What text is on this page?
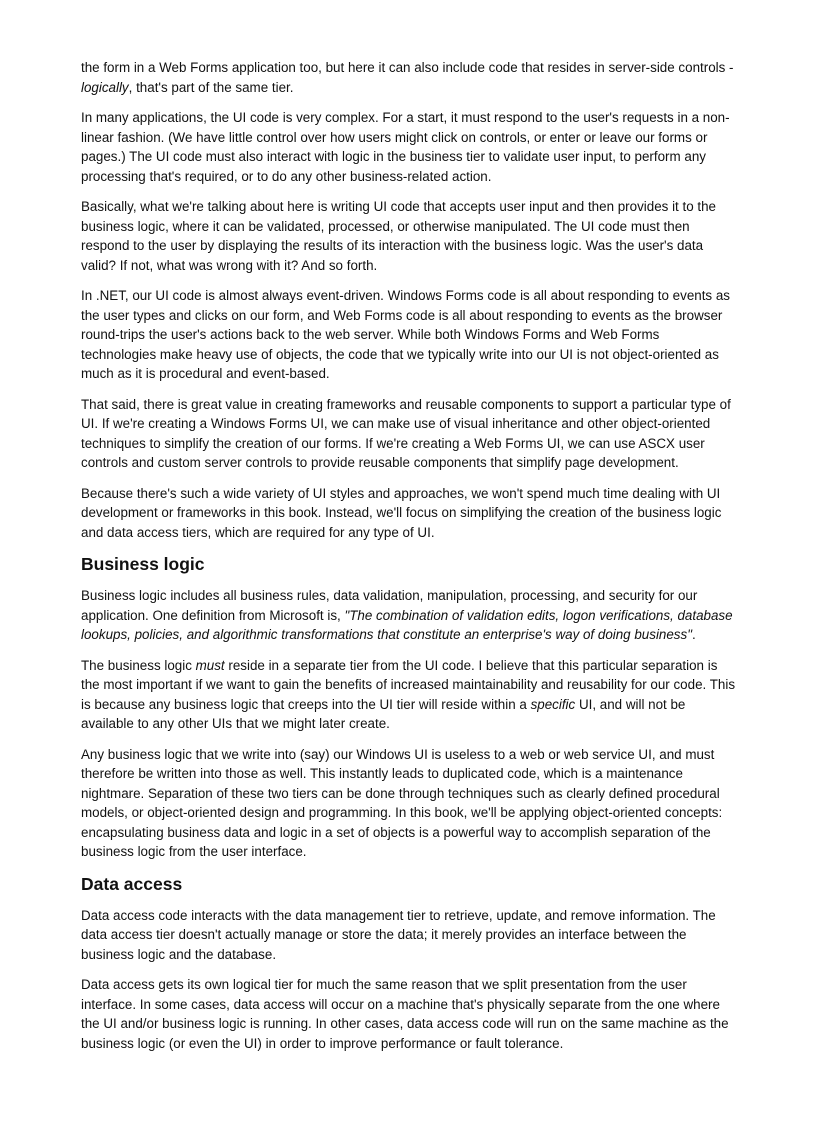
the form in a Web Forms application too, but here it can also include code that resides in server-side controls - logically, that's part of the same tier.

In many applications, the UI code is very complex. For a start, it must respond to the user's requests in a non-linear fashion. (We have little control over how users might click on controls, or enter or leave our forms or pages.) The UI code must also interact with logic in the business tier to validate user input, to perform any processing that's required, or to do any other business-related action.

Basically, what we're talking about here is writing UI code that accepts user input and then provides it to the business logic, where it can be validated, processed, or otherwise manipulated. The UI code must then respond to the user by displaying the results of its interaction with the business logic. Was the user's data valid? If not, what was wrong with it? And so forth.

In .NET, our UI code is almost always event-driven. Windows Forms code is all about responding to events as the user types and clicks on our form, and Web Forms code is all about responding to events as the browser round-trips the user's actions back to the web server. While both Windows Forms and Web Forms technologies make heavy use of objects, the code that we typically write into our UI is not object-oriented as much as it is procedural and event-based.

That said, there is great value in creating frameworks and reusable components to support a particular type of UI. If we're creating a Windows Forms UI, we can make use of visual inheritance and other object-oriented techniques to simplify the creation of our forms. If we're creating a Web Forms UI, we can use ASCX user controls and custom server controls to provide reusable components that simplify page development.

Because there's such a wide variety of UI styles and approaches, we won't spend much time dealing with UI development or frameworks in this book. Instead, we'll focus on simplifying the creation of the business logic and data access tiers, which are required for any type of UI.

Business logic

Business logic includes all business rules, data validation, manipulation, processing, and security for our application. One definition from Microsoft is, "The combination of validation edits, logon verifications, database lookups, policies, and algorithmic transformations that constitute an enterprise's way of doing business".

The business logic must reside in a separate tier from the UI code. I believe that this particular separation is the most important if we want to gain the benefits of increased maintainability and reusability for our code. This is because any business logic that creeps into the UI tier will reside within a specific UI, and will not be available to any other UIs that we might later create.

Any business logic that we write into (say) our Windows UI is useless to a web or web service UI, and must therefore be written into those as well. This instantly leads to duplicated code, which is a maintenance nightmare. Separation of these two tiers can be done through techniques such as clearly defined procedural models, or object-oriented design and programming. In this book, we'll be applying object-oriented concepts: encapsulating business data and logic in a set of objects is a powerful way to accomplish separation of the business logic from the user interface.

Data access

Data access code interacts with the data management tier to retrieve, update, and remove information. The data access tier doesn't actually manage or store the data; it merely provides an interface between the business logic and the database.

Data access gets its own logical tier for much the same reason that we split presentation from the user interface. In some cases, data access will occur on a machine that's physically separate from the one where the UI and/or business logic is running. In other cases, data access code will run on the same machine as the business logic (or even the UI) in order to improve performance or fault tolerance.
